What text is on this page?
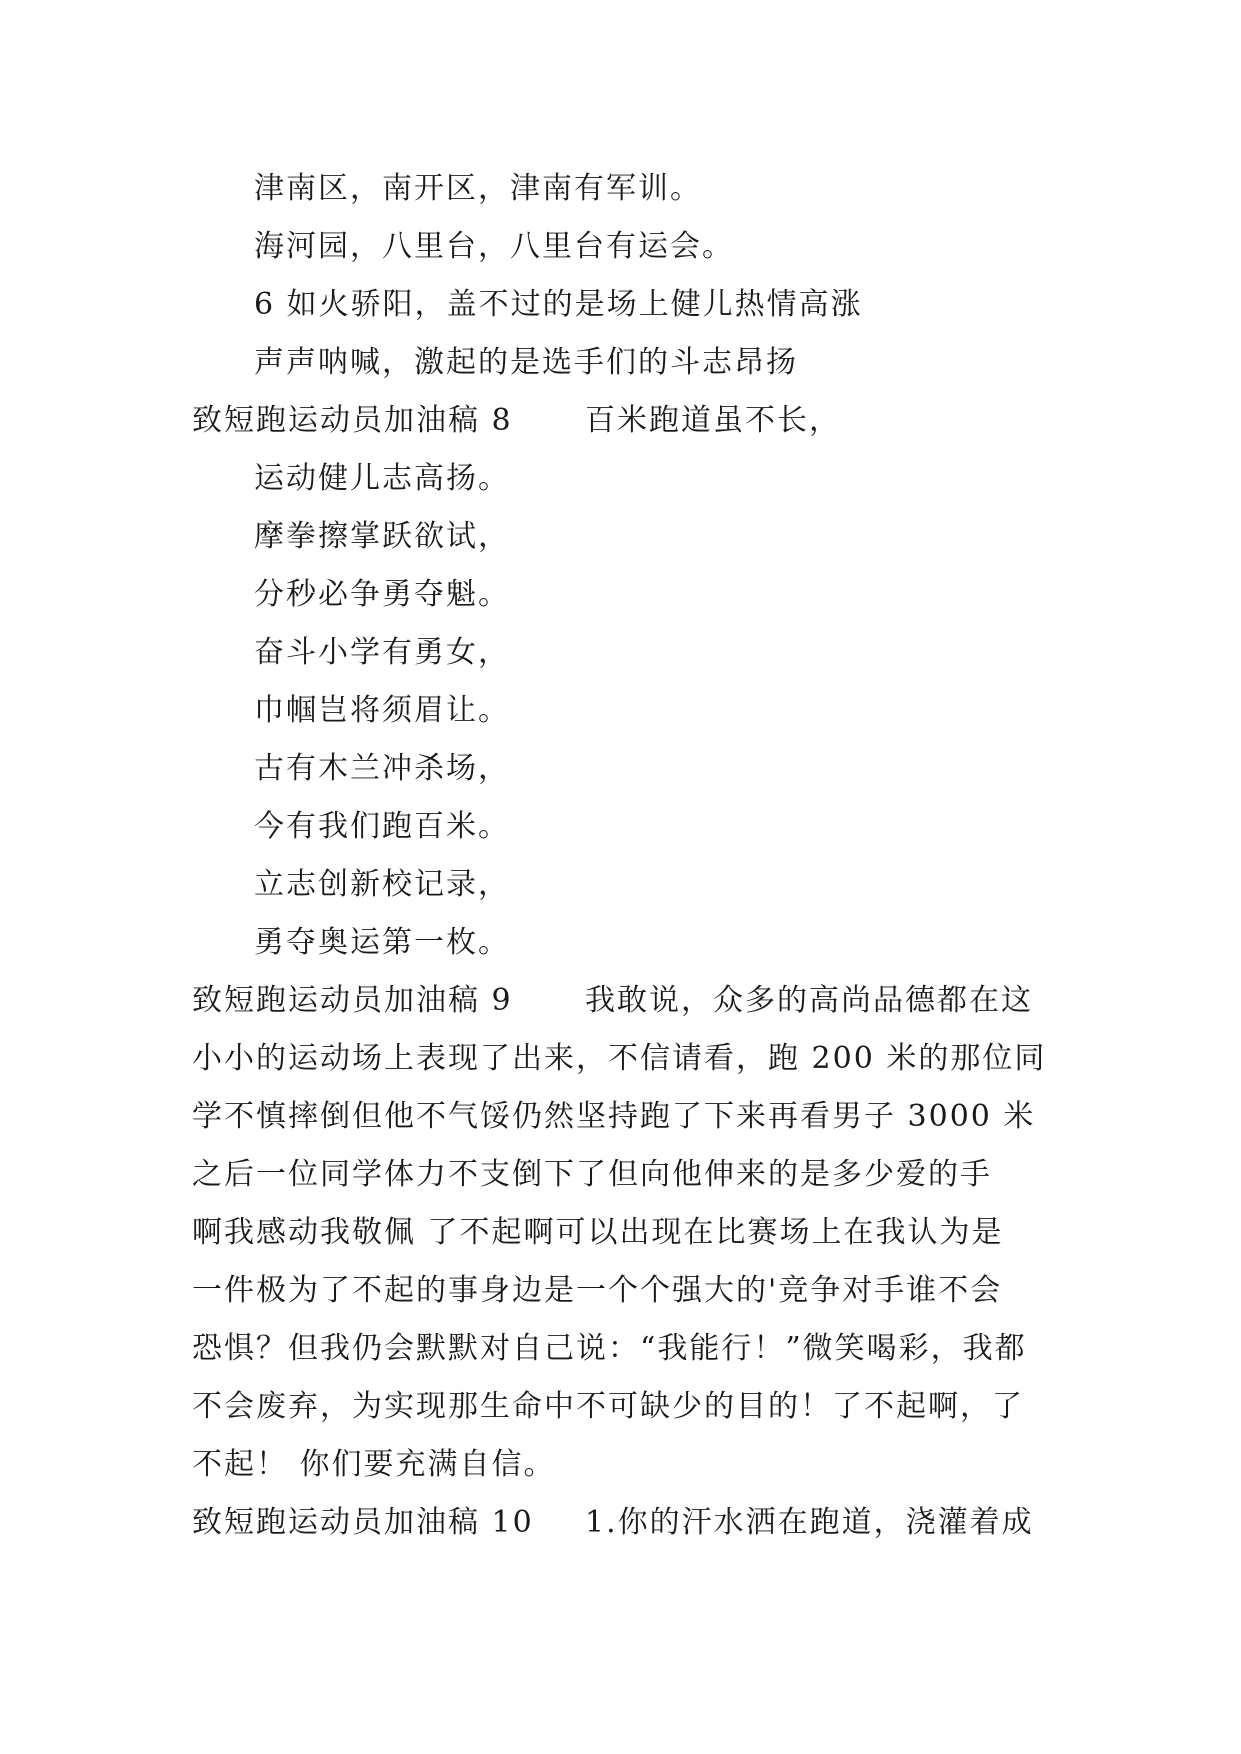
津南区，南开区，津南有军训。
海河园，八里台，八里台有运会。
6 如火骄阳，盖不过的是场上健儿热情高涨
声声呐喊，激起的是选手们的斗志昂扬
致短跑运动员加油稿 8 百米跑道虽不长，
运动健儿志高扬。
摩拳擦掌跃欲试，
分秒必争勇夺魁。
奋斗小学有勇女，
巾帼岂将须眉让。
古有木兰冲杀场，
今有我们跑百米。
立志创新校记录，
勇夺奥运第一枚。
致短跑运动员加油稿 9 我敢说，众多的高尚品德都在这
小小的运动场上表现了出来，不信请看，跑 200 米的那位同
学不慎摔倒但他不气馁仍然坚持跑了下来再看男子 3000 米
之后一位同学体力不支倒下了但向他伸来的是多少爱的手
啊我感动我敬佩 了不起啊可以出现在比赛场上在我认为是
一件极为了不起的事身边是一个个强大的'竞争对手谁不会
恐惧？但我仍会默默对自己说：“我能行！”微笑喝彩，我都
不会废弃，为实现那生命中不可缺少的目的！了不起啊，了
不起！ 你们要充满自信。
致短跑运动员加油稿 10 1.你的汗水洒在跑道，浇灌着成
